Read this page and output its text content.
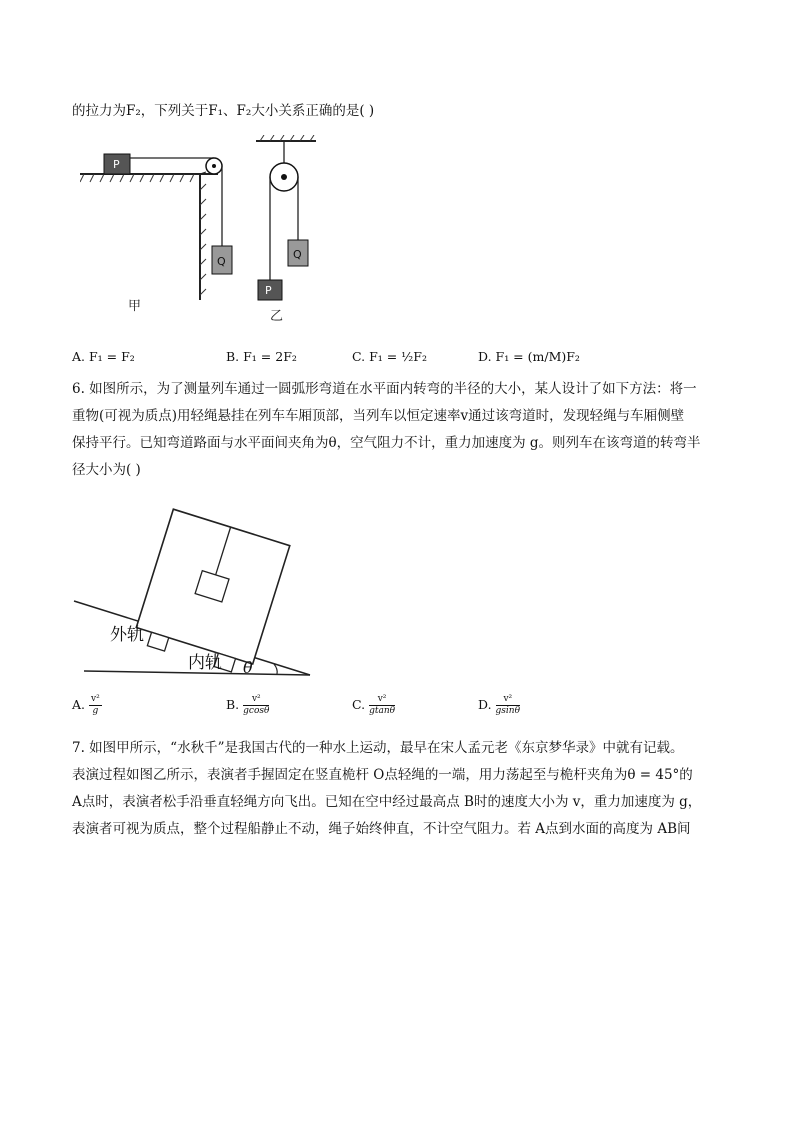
的拉力为F₂，下列关于F₁、F₂大小关系正确的是( )
P
Q
甲
Q
P
乙
A. F₁ = F₂	B. F₁ = 2F₂	C. F₁ = ½F₂	D. F₁ = (m/M)F₂
6. 如图所示，为了测量列车通过一圆弧形弯道在水平面内转弯的半径的大小，某人设计了如下方法：将一
重物(可视为质点)用轻绳悬挂在列车车厢顶部，当列车以恒定速率v通过该弯道时，发现轻绳与车厢侧壁
保持平行。已知弯道路面与水平面间夹角为θ，空气阻力不计，重力加速度为 g。则列车在该弯道的转弯半
径大小为( )
外轨
内轨 θ
A. $\frac{\text{v²}}{g}$	B. $\frac{\text{v²}}{gcos\theta}$	C. $\frac{\text{v²}}{gtan\theta}$	D. $\frac{\text{v²}}{gsin\theta}$
7. 如图甲所示，“水秋千”是我国古代的一种水上运动，最早在宋人孟元老《东京梦华录》中就有记载。
表演过程如图乙所示，表演者手握固定在竖直桅杆 O点轻绳的一端，用力荡起至与桅杆夹角为θ = 45°的
A点时，表演者松手沿垂直轻绳方向飞出。已知在空中经过最高点 B时的速度大小为 v，重力加速度为 g，
表演者可视为质点，整个过程船静止不动，绳子始终伸直，不计空气阻力。若 A点到水面的高度为 AB间
